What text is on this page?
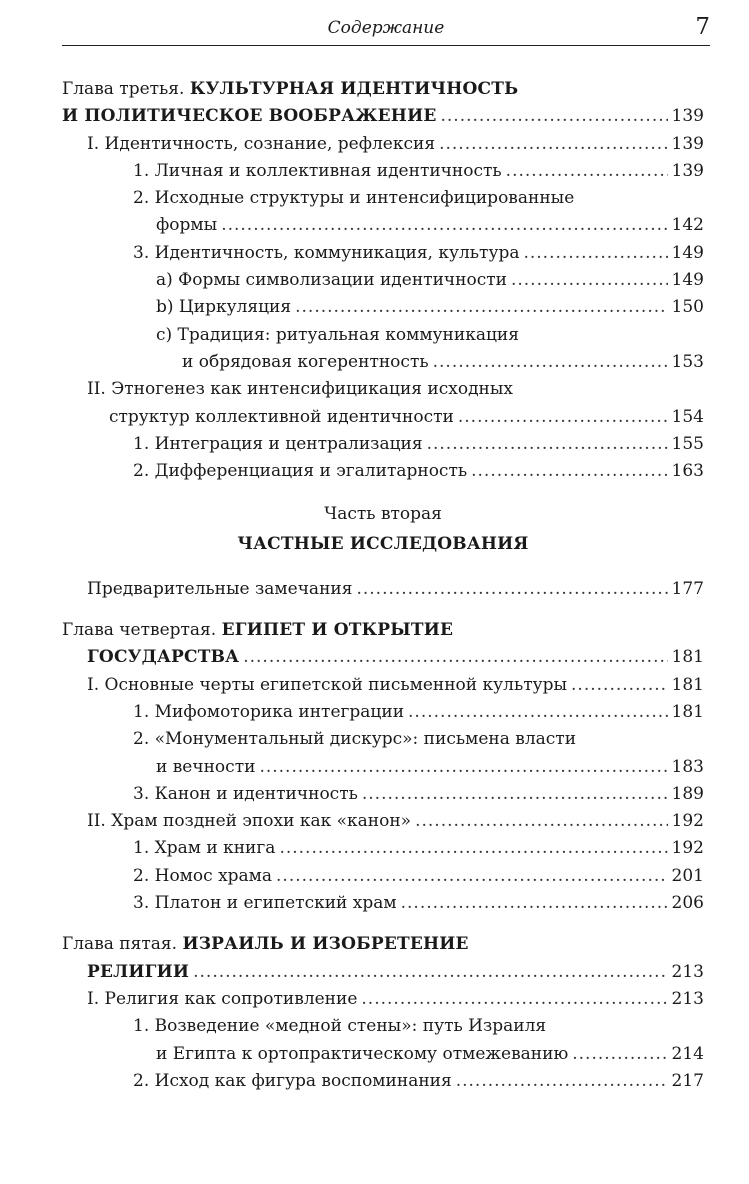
Содержание	7
Глава третья. КУЛЬТУРНАЯ ИДЕНТИЧНОСТЬ
И ПОЛИТИЧЕСКОЕ ВООБРАЖЕНИЕ .....	139
I. Идентичность, сознание, рефлексия .....	139
1. Личная и коллективная идентичность .....	139
2. Исходные структуры и интенсифицированные
формы .....	142
3. Идентичность, коммуникация, культура .....	149
a) Формы символизации идентичности .....	149
b) Циркуляция .....	150
c) Традиция: ритуальная коммуникация
и обрядовая когерентность .....	153
II. Этногенез как интенсифицикация исходных
структур коллективной идентичности .....	154
1. Интеграция и централизация .....	155
2. Дифференциация и эгалитарность .....	163
Часть вторая
ЧАСТНЫЕ ИССЛЕДОВАНИЯ
Предварительные замечания .....	177
Глава четвертая. ЕГИПЕТ И ОТКРЫТИЕ
ГОСУДАРСТВА .....	181
I. Основные черты египетской письменной культуры .....	181
1. Мифомоторика интеграции .....	181
2. «Монументальный дискурс»: письмена власти
и вечности .....	183
3. Канон и идентичность .....	189
II. Храм поздней эпохи как «канон» .....	192
1. Храм и книга .....	192
2. Номос храма .....	201
3. Платон и египетский храм .....	206
Глава пятая. ИЗРАИЛЬ И ИЗОБРЕТЕНИЕ
РЕЛИГИИ .....	213
I. Религия как сопротивление .....	213
1. Возведение «медной стены»: путь Израиля
и Египта к ортопрактическому отмежеванию .....	214
2. Исход как фигура воспоминания .....	217
